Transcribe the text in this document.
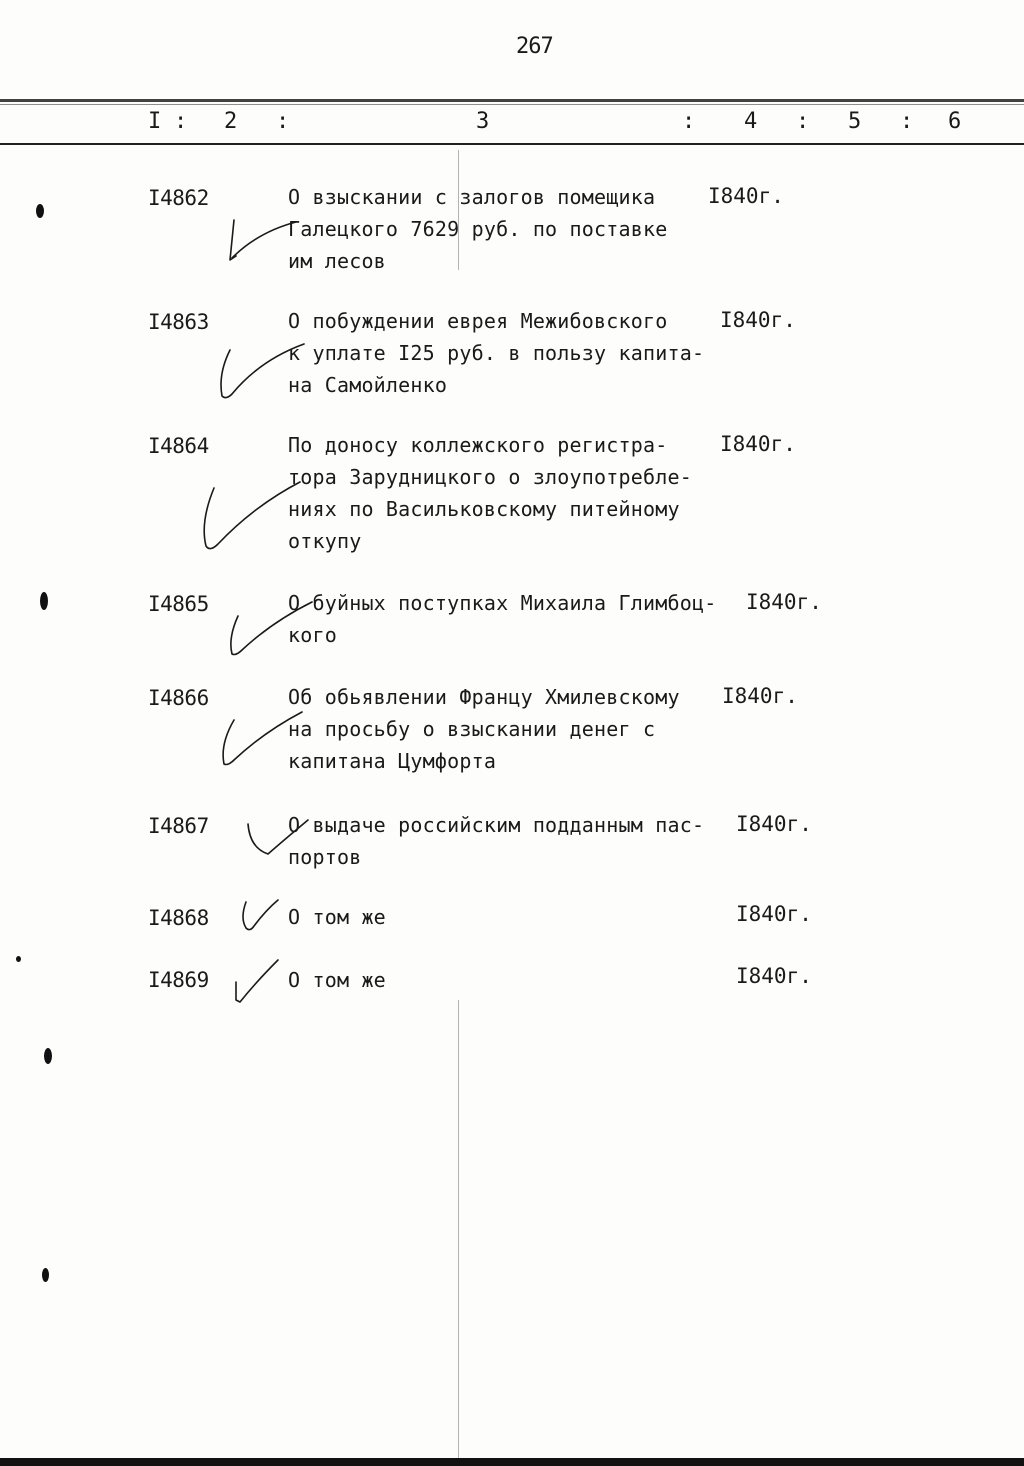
267
I : 2 :	3	: 4 : 5 : 6
I4862	О взыскании с залогов помещика
Галецкого 7629 руб. по поставке
им лесов
I840г.
I4863	О побуждении еврея Межибовского
к уплате I25 руб. в пользу капита-
на Самойленко
I840г.
I4864	По доносу коллежского регистра-
тора Зарудницкого о злоупотребле-
ниях по Васильковскому питейному
откупу
I840г.
I4865	О буйных поступках Михаила Глимбоц-
кого
I840г.
I4866	Об обьявлении Францу Хмилевскому
на просьбу о взыскании денег с
капитана Цумфорта
I840г.
I4867	О выдаче российским подданным пас-
портов
I840г.
I4868	О том же	I840г.
I4869	О том же	I840г.
